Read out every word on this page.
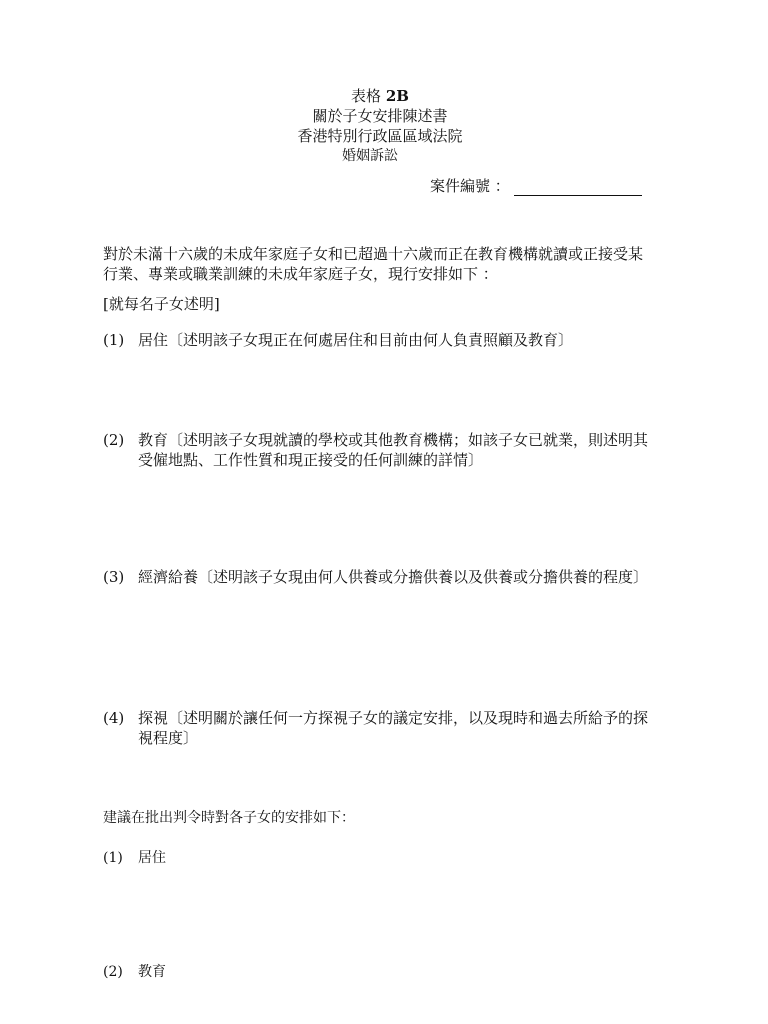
表格 2B
關於子女安排陳述書
香港特別行政區區域法院
婚姻訴訟
案件編號 ：
對於未滿十六歲的未成年家庭子女和已超過十六歲而正在教育機構就讀或正接受某
行業、專業或職業訓練的未成年家庭子女，現行安排如下 ：
[就每名子女述明]
(1) 居住〔述明該子女現正在何處居住和目前由何人負責照顧及教育〕
(2) 教育〔述明該子女現就讀的學校或其他教育機構；如該子女已就業，則述明其
受僱地點、工作性質和現正接受的任何訓練的詳情〕
(3) 經濟給養〔述明該子女現由何人供養或分擔供養以及供養或分擔供養的程度〕
(4) 探視〔述明關於讓任何一方探視子女的議定安排，以及現時和過去所給予的探
視程度〕
建議在批出判令時對各子女的安排如下：
(1) 居住
(2) 教育
